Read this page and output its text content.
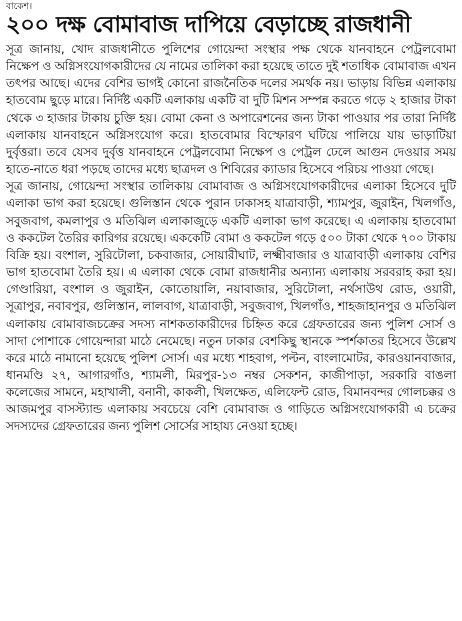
বাকেশ।
২০০ দক্ষ বোমাবাজ দাপিয়ে বেড়াচ্ছে রাজধানী

সূত্র জানায়, খোদ রাজধানীতে পুলিশের গোয়েন্দা সংস্থার পক্ষ থেকে যানবাহনে পেট্রলবোমা নিক্ষেপ ও অগ্নিসংযোগকারীদের যে নামের তালিকা করা হয়েছে তাতে দুই শতাধিক বোমাবাজ এখন তৎপর আছে। এদের বেশির ভাগই কোনো রাজনৈতিক দলের সমর্থক নয়। ভাড়ায় বিভিন্ন এলাকায় হাতবোম ছুড়ে মারে। নির্দিষ্ট একটি এলাকায় একটি বা দুটি মিশন সম্পন্ন করতে গড়ে ২ হাজার টাকা থেকে ৩ হাজার টাকায় চুক্তি হয়। বোমা কেনা ও অপারেশনের জন্য টাকা পাওয়ার পর তারা নির্দিষ্ট এলাকায় যানবাহনে অগ্নিসংযোগ করে। হাতবোমার বিস্ফোরণ ঘটিয়ে পালিয়ে যায় ভাড়াটিয়া দুর্বৃত্তরা। তবে যেসব দুর্বৃত্ত যানবাহনে পেট্রলবোমা নিক্ষেপ ও পেট্রল ঢেলে আগুন দেওয়ার সময় হাতে-নাতে ধরা পড়ছে তাদের মধ্যে ছাত্রদল ও শিবিরের ক্যাডার হিসেবে পরিচয় পাওয়া গেছে।

সূত্র জানায়, গোয়েন্দা সংস্থার তালিকায় বোমাবাজ ও অগ্নিসংযোগকারীদের এলাকা হিসেবে দুটি এলাকা ভাগ করা হয়েছে। গুলিস্তান থেকে পুরান ঢাকাসহ যাত্রাবাড়ী, শ্যামপুর, জুরাইন, খিলগাঁও, সবুজবাগ, কমলাপুর ও মতিঝিল এলাকাজুড়ে একটি এলাকা ভাগ করেছে। এ এলাকায় হাতবোমা ও ককটেল তৈরির কারিগর রয়েছে। এককেটি বোমা ও ককটেল গড়ে ৫০০ টাকা থেকে ৭০০ টাকায় বিক্রি হয়। বংশাল, সুরিটোলা, চকবাজার, সোয়ারীঘাট, লক্ষ্মীবাজার ও যাত্রাবাড়ী এলাকায় বেশির ভাগ হাতবোমা তৈরি হয়। এ এলাকা থেকে বোমা রাজধানীর অন্যান্য এলাকায় সরবরাহ করা হয়। গেণ্ডারিয়া, বংশাল ও জুরাইন, কোতোয়ালি, নয়াবাজার, সুরিটোলা, নর্থসাউথ রোড, ওয়ারী, সূত্রাপুর, নবাবপুর, গুলিস্তান, লালবাগ, যাত্রাবাড়ী, সবুজবাগ, খিলগাঁও, শাহজাহানপুর ও মতিঝিল এলাকায় বোমাবাজচক্রের সদস্য নাশকতাকারীদের চিহ্নিত করে গ্রেফতারের জন্য পুলিশ সোর্স ও সাদা পোশাকে গোয়েন্দারা মাঠে নেমেছে। নতুন ঢাকার বেশকিছু স্থানকে স্পর্শকাতর হিসেবে উল্লেখ করে মাঠে নামানো হয়েছে পুলিশ সোর্স। এর মধ্যে শাহবাগ, পল্টন, বাংলামোটর, কারওয়ানবাজার, ধানমণ্ডি ২৭, আগারগাঁও, শ্যামলী, মিরপুর-১৩ নম্বর সেকশন, কাজীপাড়া, সরকারি বাঙলা কলেজের সামনে, মহাখালী, বনানী, কাকলী, খিলক্ষেত, এলিফেন্ট রোড, বিমানবন্দর গোলচক্কর ও আজমপুর বাসস্ট্যান্ড এলাকায় সবচেয়ে বেশি বোমাবাজ ও গাড়িতে অগ্নিসংযোগকারী এ চক্রের সদস্যদের গ্রেফতারের জন্য পুলিশ সোর্সের সাহায্য নেওয়া হচ্ছে।
